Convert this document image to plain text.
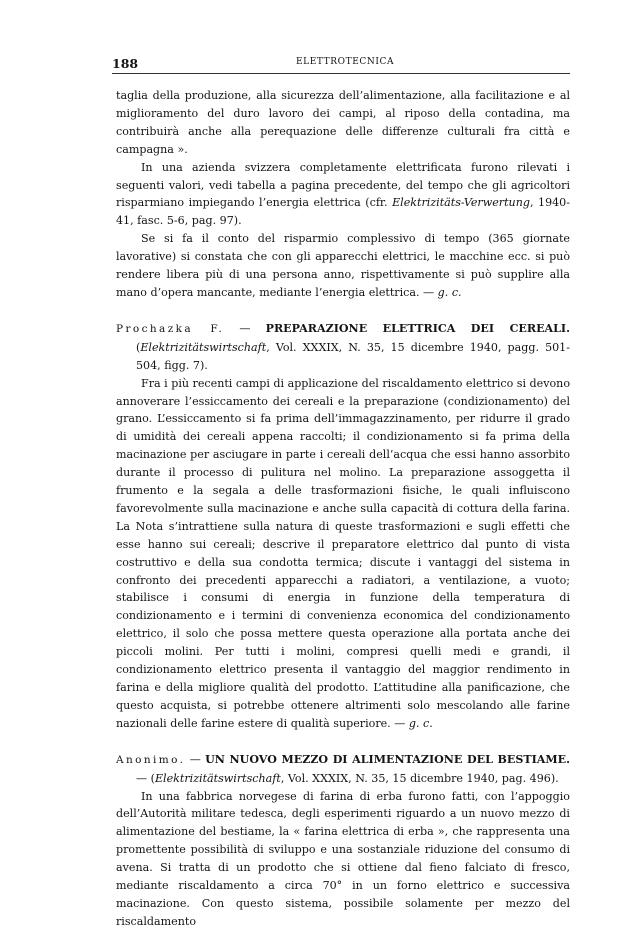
188	ELETTROTECNICA

taglia della produzione, alla sicurezza dell’alimentazione, alla facilitazione e al miglioramento del duro lavoro dei campi, al riposo della contadina, ma contribuirà anche alla perequazione delle differenze culturali fra città e campagna ».

In una azienda svizzera completamente elettrificata furono rilevati i seguenti valori, vedi tabella a pagina precedente, del tempo che gli agricoltori risparmiano impiegando l’energia elettrica (cfr. Elektrizitäts-Verwertung, 1940-41, fasc. 5-6, pag. 97).

Se si fa il conto del risparmio complessivo di tempo (365 giornate lavorative) si constata che con gli apparecchi elettrici, le macchine ecc. si può rendere libera più di una persona anno, rispettivamente si può supplire alla mano d’opera mancante, mediante l’energia elettrica. — g. c.

Prochazka F. — PREPARAZIONE ELETTRICA DEI CEREALI. (Elektrizitätswirtschaft, Vol. XXXIX, N. 35, 15 dicembre 1940, pagg. 501-504, figg. 7).

Fra i più recenti campi di applicazione del riscaldamento elettrico si devono annoverare l’essiccamento dei cereali e la preparazione (condizionamento) del grano. L’essiccamento si fa prima dell’immagazzinamento, per ridurre il grado di umidità dei cereali appena raccolti; il condizionamento si fa prima della macinazione per asciugare in parte i cereali dell’acqua che essi hanno assorbito durante il processo di pulitura nel molino. La preparazione assoggetta il frumento e la segala a delle trasformazioni fisiche, le quali influiscono favorevolmente sulla macinazione e anche sulla capacità di cottura della farina. La Nota s’intrattiene sulla natura di queste trasformazioni e sugli effetti che esse hanno sui cereali; descrive il preparatore elettrico dal punto di vista costruttivo e della sua condotta termica; discute i vantaggi del sistema in confronto dei precedenti apparecchi a radiatori, a ventilazione, a vuoto; stabilisce i consumi di energia in funzione della temperatura di condizionamento e i termini di convenienza economica del condizionamento elettrico, il solo che possa mettere questa operazione alla portata anche dei piccoli molini. Per tutti i molini, compresi quelli medi e grandi, il condizionamento elettrico presenta il vantaggio del maggior rendimento in farina e della migliore qualità del prodotto. L’attitudine alla panificazione, che questo acquista, si potrebbe ottenere altrimenti solo mescolando alle farine nazionali delle farine estere di qualità superiore. — g. c.

Anonimo. — UN NUOVO MEZZO DI ALIMENTAZIONE DEL BESTIAME. — (Elektrizitätswirtschaft, Vol. XXXIX, N. 35, 15 dicembre 1940, pag. 496).

In una fabbrica norvegese di farina di erba furono fatti, con l’appoggio dell’Autorità militare tedesca, degli esperimenti riguardo a un nuovo mezzo di alimentazione del bestiame, la « farina elettrica di erba », che rappresenta una promettente possibilità di sviluppo e una sostanziale riduzione del consumo di avena. Si tratta di un prodotto che si ottiene dal fieno falciato di fresco, mediante riscaldamento a circa 70° in un forno elettrico e successiva macinazione. Con questo sistema, possibile solamente per mezzo del riscaldamento
